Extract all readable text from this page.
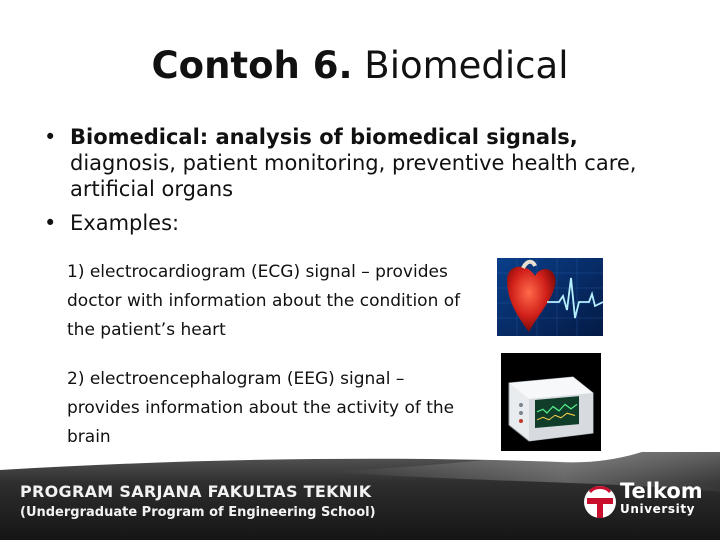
Contoh 6. Biomedical
• Biomedical: analysis of biomedical signals, diagnosis, patient monitoring, preventive health care, artificial organs
• Examples:
1) electrocardiogram (ECG) signal – provides doctor with information about the condition of the patient’s heart
2) electroencephalogram (EEG) signal – provides information about the activity of the brain
PROGRAM SARJANA FAKULTAS TEKNIK
(Undergraduate Program of Engineering School)
Telkom
University
